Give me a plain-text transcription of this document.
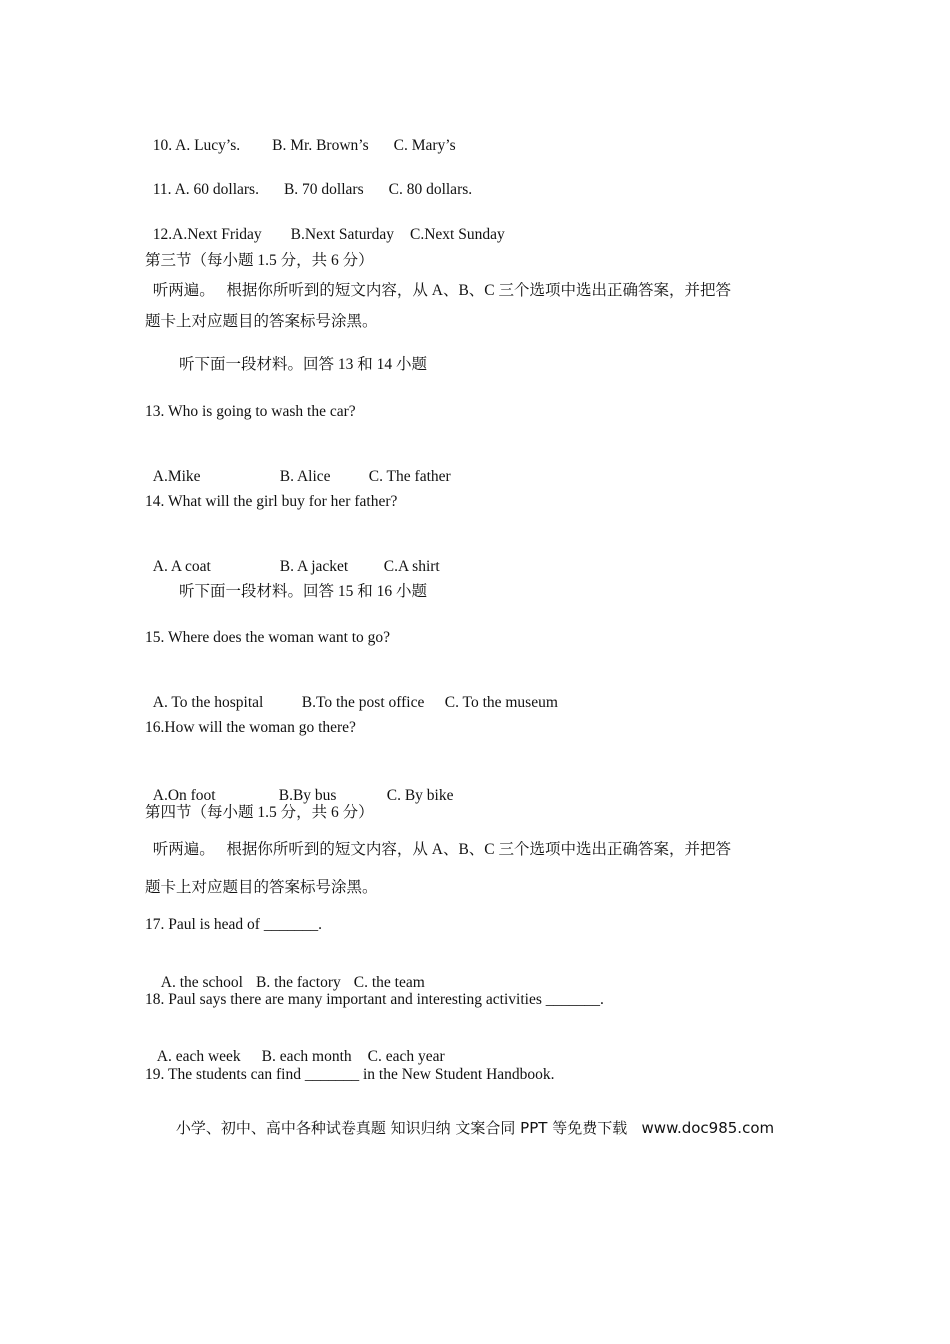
10. A. Lucy’s. B. Mr. Brown’s C. Mary’s

11. A. 60 dollars. B. 70 dollars C. 80 dollars.

12.A.Next Friday B.Next Saturday C.Next Sunday

第三节（每小题 1.5 分，共 6 分）
听两遍。   根据你所听到的短文内容，从 A、B、C 三个选项中选出正确答案，并把答
题卡上对应题目的答案标号涂黑。
听下面一段材料。回答 13 和 14 小题
13. Who is going to wash the car?

A.Mike	B. Alice C. The father

14. What will the girl buy for her father?

A. A coat	B. A jacket C.A shirt

听下面一段材料。回答 15 和 16 小题
15. Where does the woman want to go?

A. To the hospital B.To the post office C. To the museum

16.How will the woman go there?

A.On foot	B.By bus	C. By bike

第四节（每小题 1.5 分，共 6 分）
听两遍。   根据你所听到的短文内容，从 A、B、C 三个选项中选出正确答案，并把答
题卡上对应题目的答案标号涂黑。
17. Paul is head of _______.

A. the school B. the factory C. the team

18. Paul says there are many important and interesting activities _______.

A. each week B. each month C. each year

19. The students can find _______ in the New Student Handbook.
小学、初中、高中各种试卷真题 知识归纳 文案合同 PPT 等免费下载 www.doc985.com
